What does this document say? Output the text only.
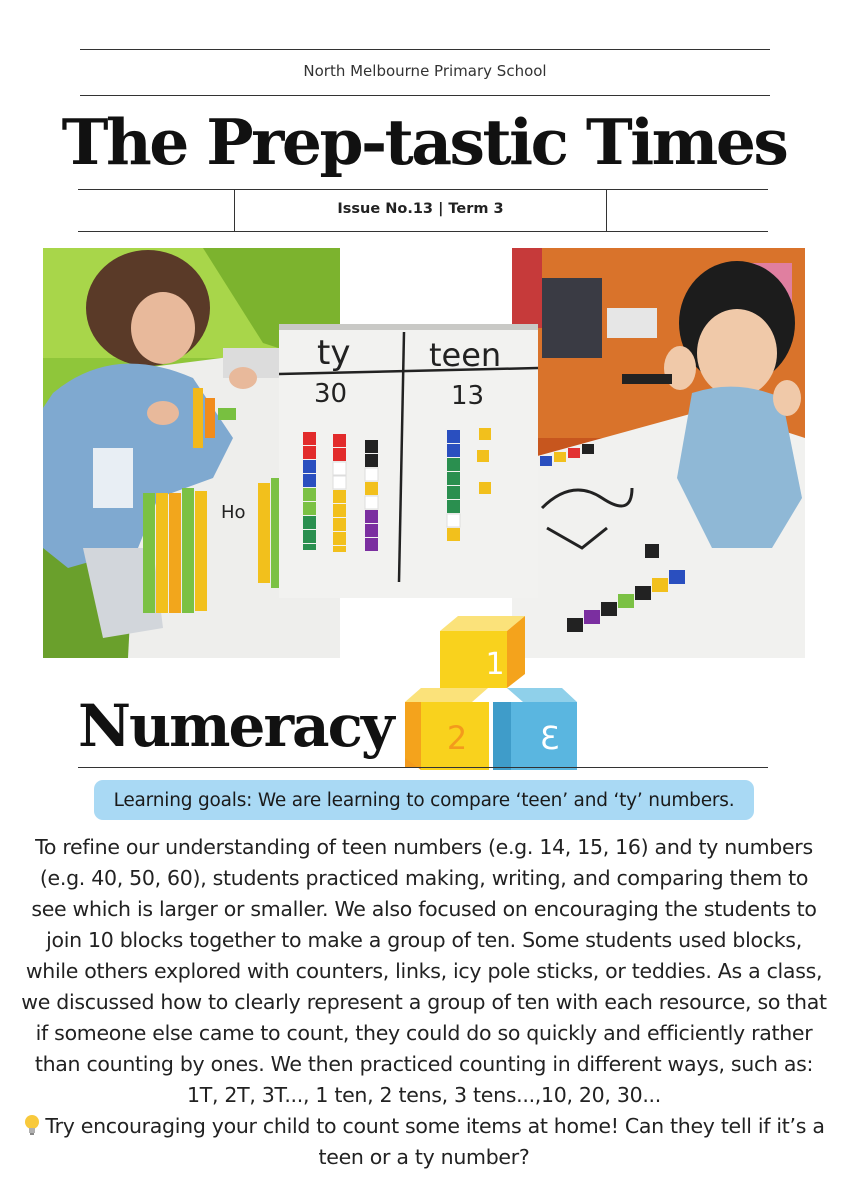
North Melbourne Primary School
The Prep-tastic Times
Issue No.13 | Term 3
Ho
ty
30
teen
13
Numeracy
1
2 3
Learning goals: We are learning to compare ‘teen’ and ‘ty’ numbers.

To refine our understanding of teen numbers (e.g. 14, 15, 16) and ty numbers (e.g. 40, 50, 60), students practiced making, writing, and comparing them to see which is larger or smaller. We also focused on encouraging the students to join 10 blocks together to make a group of ten. Some students used blocks, while others explored with counters, links, icy pole sticks, or teddies. As a class, we discussed how to clearly represent a group of ten with each resource, so that if someone else came to count, they could do so quickly and efficiently rather than counting by ones. We then practiced counting in different ways, such as: 1T, 2T, 3T..., 1 ten, 2 tens, 3 tens...,10, 20, 30...

Try encouraging your child to count some items at home! Can they tell if it’s a teen or a ty number?
